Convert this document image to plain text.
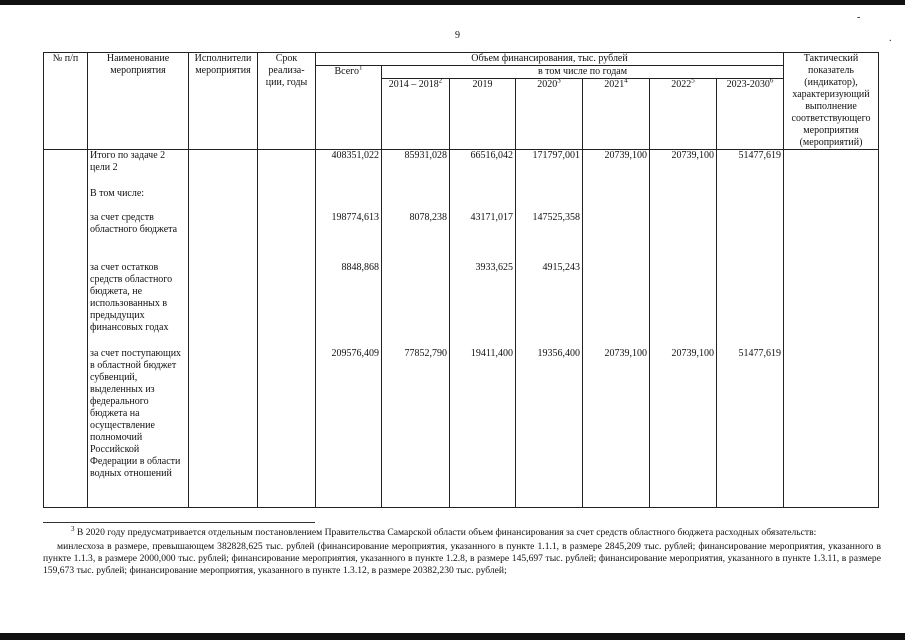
-
.
9
№ п/п	Наименование мероприятия	Исполнители мероприятия	Срок реализа-ции, годы	Объем финансирования, тыс. рублей							Тактический показатель (индикатор), характеризующий выполнение соответствующего мероприятия (мероприятий)
				Всего$^1$	в том числе по годам						
					2014 – 2018$^2$	2019	2020$^3$	2021$^4$	2022$^5$	2023-2030$^6$
	Итого по задаче 2 цели 2			408351,022	85931,028	66516,042	171797,001	20739,100	20739,100	51477,619	
	В том числе:										
	за счет средств областного бюджета			198774,613	8078,238	43171,017	147525,358				
	за счет остатков средств областного бюджета, не использованных в предыдущих финансовых годах			8848,868		3933,625	4915,243				
	за счет поступающих в областной бюджет субвенций, выделенных из федерального бюджета на осуществление полномочий Российской Федерации в области водных отношений			209576,409	77852,790	19411,400	19356,400	20739,100	20739,100	51477,619	

$^3$ В 2020 году предусматривается отдельным постановлением Правительства Самарской области объем финансирования за счет средств областного бюджета расходных обязательств:

минлесхоза в размере, превышающем 382828,625 тыс. рублей (финансирование мероприятия, указанного в пункте 1.1.1, в размере 2845,209 тыс. рублей; финансирование мероприятия, указанного в пункте 1.1.3, в размере 2000,000 тыс. рублей; финансирование мероприятия, указанного в пункте 1.2.8, в размере 145,697 тыс. рублей; финансирование мероприятия, указанного в пункте 1.3.11, в размере 159,673 тыс. рублей; финансирование мероприятия, указанного в пункте 1.3.12, в размере 20382,230 тыс. рублей;
